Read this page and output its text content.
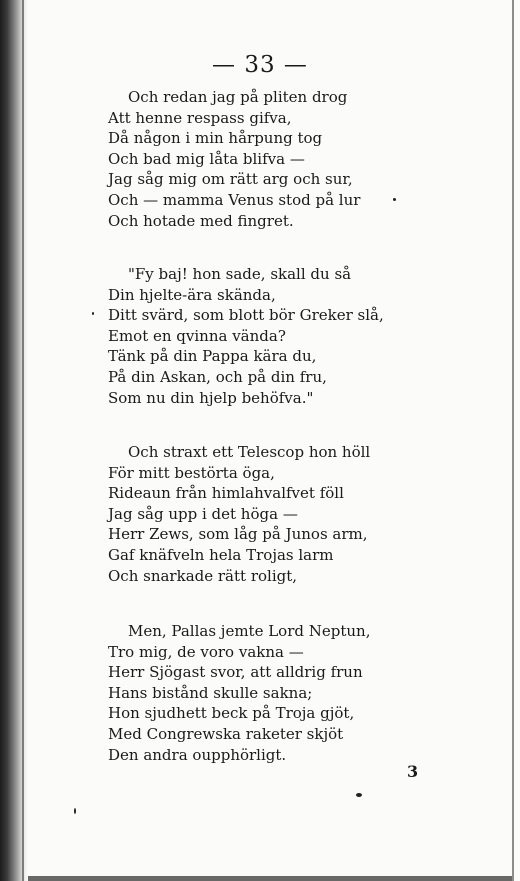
— 33 —
Och redan jag på pliten drog
Att henne respass gifva,
Då någon i min hårpung tog
Och bad mig låta blifva —
Jag såg mig om rätt arg och sur,
Och — mamma Venus stod på lur
Och hotade med fingret.
"Fy baj! hon sade, skall du så
Din hjelte-ära skända,
Ditt svärd, som blott bör Greker slå,
Emot en qvinna vända?
Tänk på din Pappa kära du,
På din Askan, och på din fru,
Som nu din hjelp behöfva."
Och straxt ett Telescop hon höll
För mitt bestörta öga,
Rideaun från himlahvalfvet föll
Jag såg upp i det höga —
Herr Zews, som låg på Junos arm,
Gaf knäfveln hela Trojas larm
Och snarkade rätt roligt,
Men, Pallas jemte Lord Neptun,
Tro mig, de voro vakna —
Herr Sjögast svor, att alldrig frun
Hans bistånd skulle sakna;
Hon sjudhett beck på Troja gjöt,
Med Congrewska raketer skjöt
Den andra oupphörligt.
3
